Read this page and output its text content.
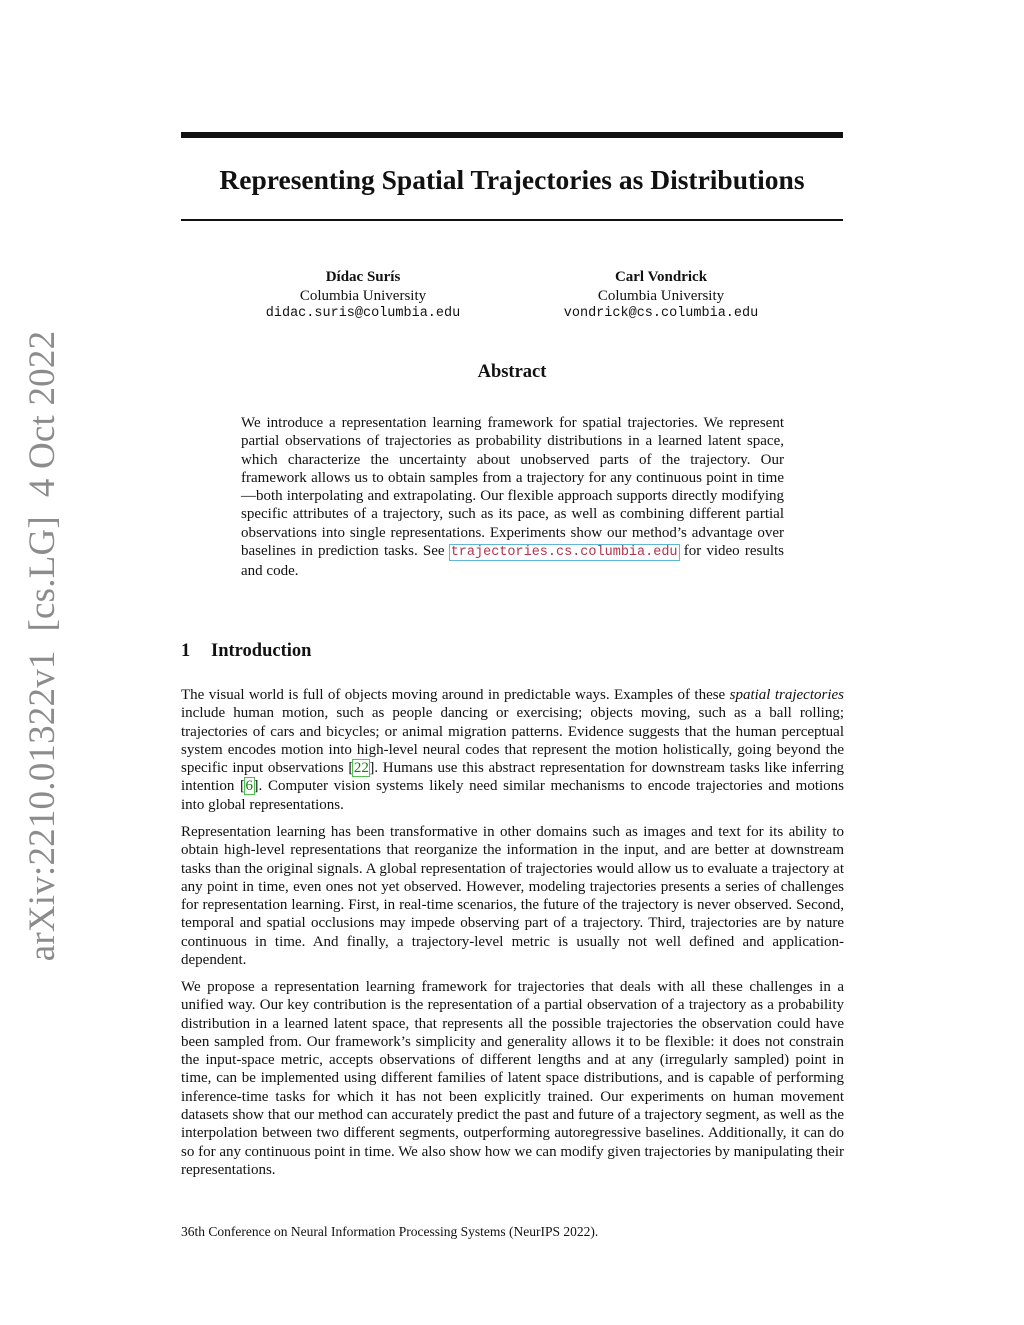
arXiv:2210.01322v1  [cs.LG]  4 Oct 2022
Representing Spatial Trajectories as Distributions
Dídac Surís
Columbia University
didac.suris@columbia.edu
Carl Vondrick
Columbia University
vondrick@cs.columbia.edu
Abstract

We introduce a representation learning framework for spatial trajectories. We represent partial observations of trajectories as probability distributions in a learned latent space, which characterize the uncertainty about unobserved parts of the trajectory. Our framework allows us to obtain samples from a trajectory for any continuous point in time—both interpolating and extrapolating. Our flexible approach supports directly modifying specific attributes of a trajectory, such as its pace, as well as combining different partial observations into single representations. Experiments show our method’s advantage over baselines in prediction tasks. See trajectories.cs.columbia.edu for video results and code.

1 Introduction

The visual world is full of objects moving around in predictable ways. Examples of these spatial trajectories include human motion, such as people dancing or exercising; objects moving, such as a ball rolling; trajectories of cars and bicycles; or animal migration patterns. Evidence suggests that the human perceptual system encodes motion into high-level neural codes that represent the motion holistically, going beyond the specific input observations [22]. Humans use this abstract representation for downstream tasks like inferring intention [6]. Computer vision systems likely need similar mechanisms to encode trajectories and motions into global representations.

Representation learning has been transformative in other domains such as images and text for its ability to obtain high-level representations that reorganize the information in the input, and are better at downstream tasks than the original signals. A global representation of trajectories would allow us to evaluate a trajectory at any point in time, even ones not yet observed. However, modeling trajectories presents a series of challenges for representation learning. First, in real-time scenarios, the future of the trajectory is never observed. Second, temporal and spatial occlusions may impede observing part of a trajectory. Third, trajectories are by nature continuous in time. And finally, a trajectory-level metric is usually not well defined and application-dependent.

We propose a representation learning framework for trajectories that deals with all these challenges in a unified way. Our key contribution is the representation of a partial observation of a trajectory as a probability distribution in a learned latent space, that represents all the possible trajectories the observation could have been sampled from. Our framework’s simplicity and generality allows it to be flexible: it does not constrain the input-space metric, accepts observations of different lengths and at any (irregularly sampled) point in time, can be implemented using different families of latent space distributions, and is capable of performing inference-time tasks for which it has not been explicitly trained. Our experiments on human movement datasets show that our method can accurately predict the past and future of a trajectory segment, as well as the interpolation between two different segments, outperforming autoregressive baselines. Additionally, it can do so for any continuous point in time. We also show how we can modify given trajectories by manipulating their representations.

36th Conference on Neural Information Processing Systems (NeurIPS 2022).
